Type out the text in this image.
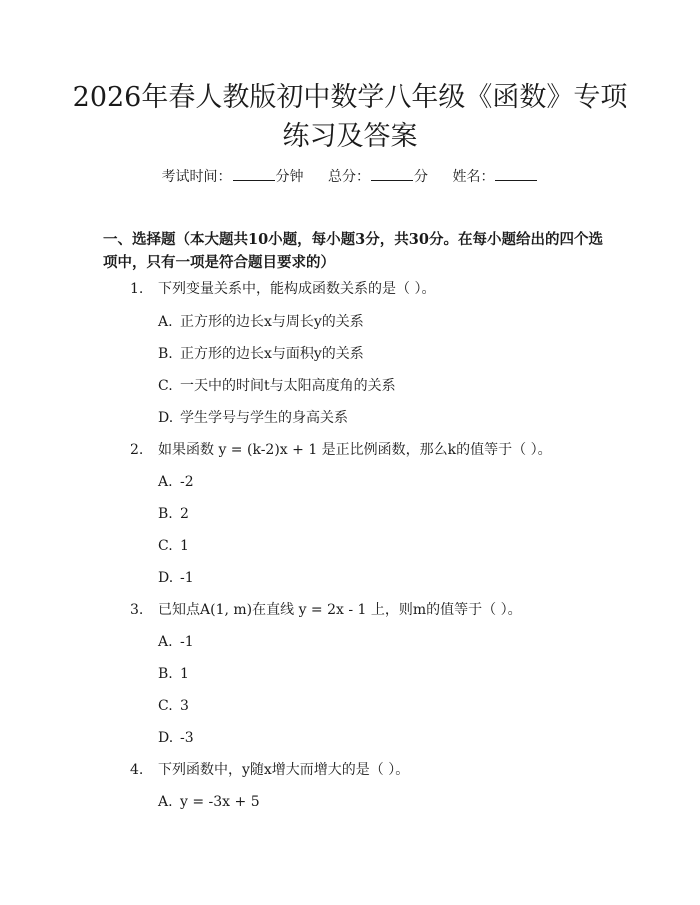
2026年春人教版初中数学八年级《函数》专项练习及答案
考试时间：	分钟 总分：	分 姓名：
一、选择题（本大题共10小题，每小题3分，共30分。在每小题给出的四个选项中，只有一项是符合题目要求的）
1. 下列变量关系中，能构成函数关系的是（ ）。
A. 正方形的边长x与周长y的关系
B. 正方形的边长x与面积y的关系
C. 一天中的时间t与太阳高度角的关系
D. 学生学号与学生的身高关系
2. 如果函数 y = (k-2)x + 1 是正比例函数，那么k的值等于（ ）。
A. -2
B. 2
C. 1
D. -1
3. 已知点A(1, m)在直线 y = 2x - 1 上，则m的值等于（ ）。
A. -1
B. 1
C. 3
D. -3
4. 下列函数中，y随x增大而增大的是（ ）。
A. y = -3x + 5
